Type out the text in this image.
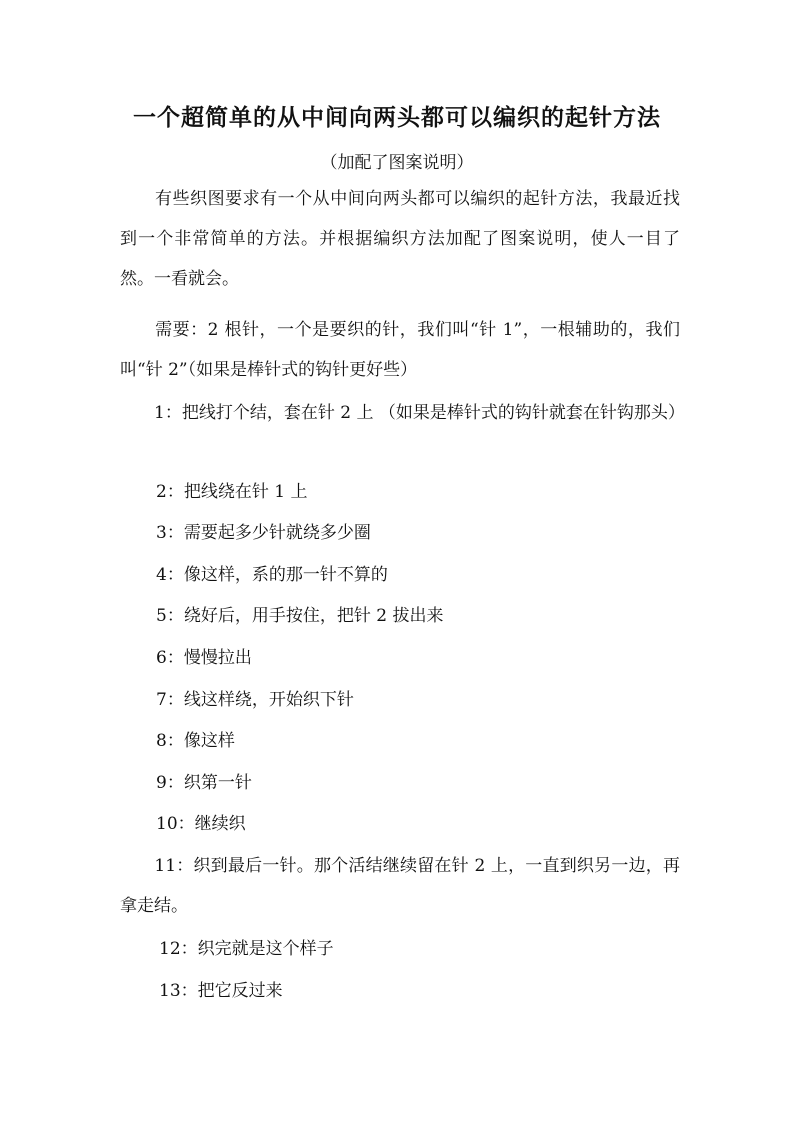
一个超简单的从中间向两头都可以编织的起针方法
（加配了图案说明）
　　有些织图要求有一个从中间向两头都可以编织的起针方法，我最近找到一个非常简单的方法。并根据编织方法加配了图案说明，使人一目了然。一看就会。
　　需要：2 根针，一个是要织的针，我们叫“针 1”，一根辅助的，我们叫“针 2”（如果是棒针式的钩针更好些）
　　1：把线打个结，套在针 2 上 （如果是棒针式的钩针就套在针钩那头）
2：把线绕在针 1 上
3：需要起多少针就绕多少圈
4：像这样，系的那一针不算的
5：绕好后，用手按住，把针 2 拔出来
6：慢慢拉出
7：线这样绕，开始织下针
8：像这样
9：织第一针
10：继续织
　　11：织到最后一针。那个活结继续留在针 2 上，一直到织另一边，再拿走结。
12：织完就是这个样子
13：把它反过来
